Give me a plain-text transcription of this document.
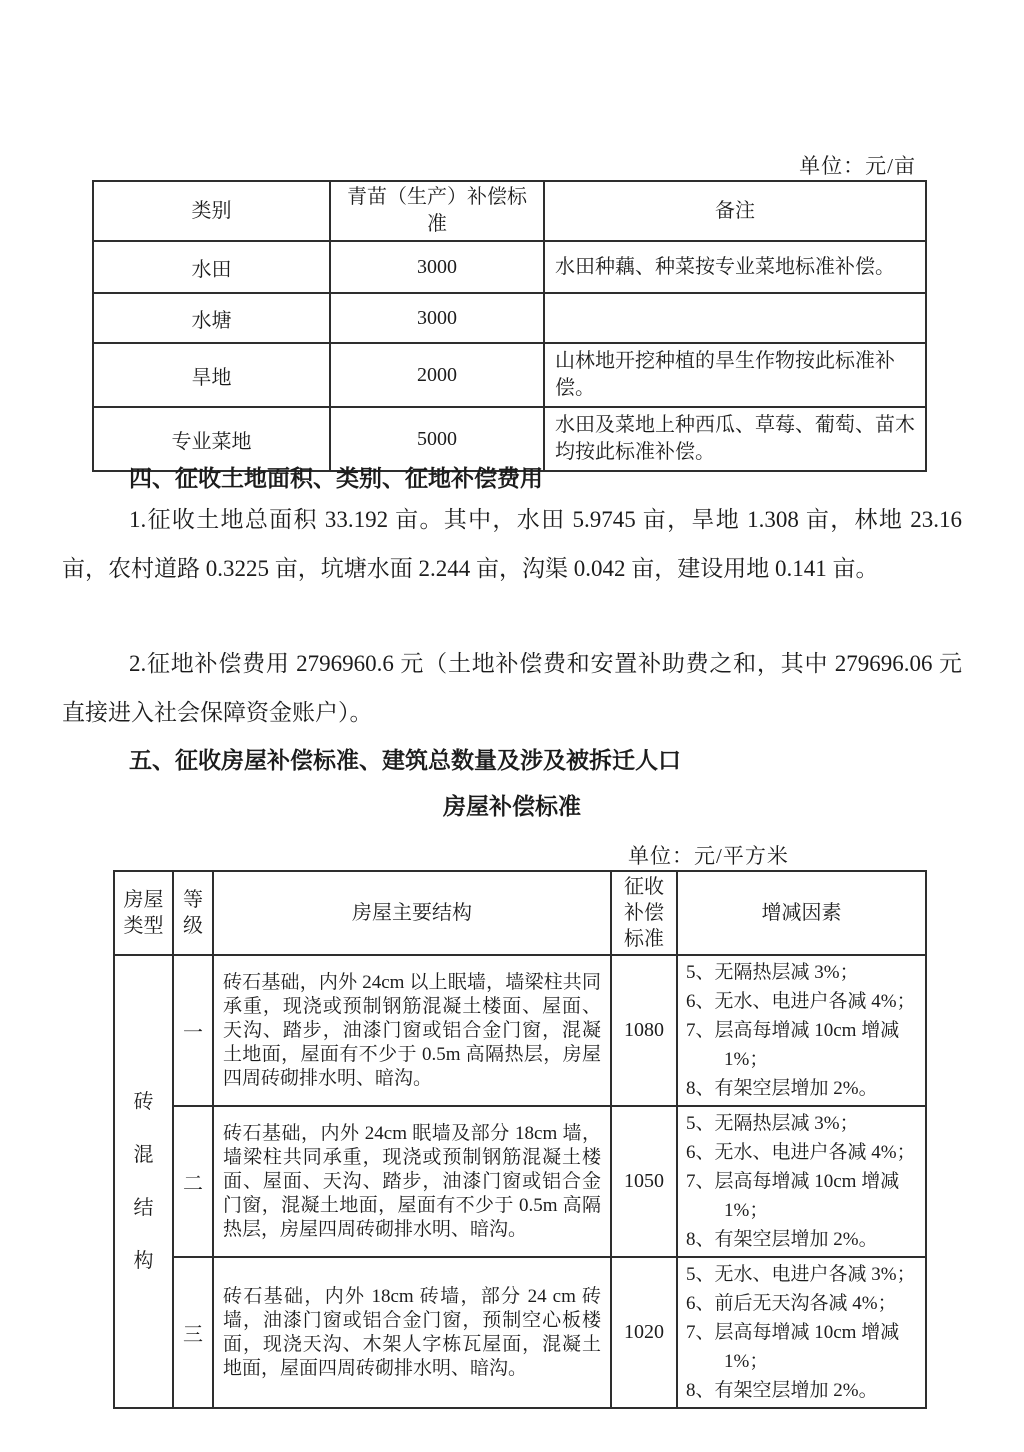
单位：元/亩
类别	青苗（生产）补偿标准	备注
水田	3000	水田种藕、种菜按专业菜地标准补偿。
水塘	3000	
旱地	2000	山林地开挖种植的旱生作物按此标准补偿。
专业菜地	5000	水田及菜地上种西瓜、草莓、葡萄、苗木均按此标准补偿。
四、征收土地面积、类别、征地补偿费用
1.征收土地总面积 33.192 亩。其中，水田 5.9745 亩，旱地 1.308 亩，林地 23.16 亩，农村道路 0.3225 亩，坑塘水面 2.244 亩，沟渠 0.042 亩，建设用地 0.141 亩。
2.征地补偿费用 2796960.6 元（土地补偿费和安置补助费之和，其中 279696.06 元直接进入社会保障资金账户）。
五、征收房屋补偿标准、建筑总数量及涉及被拆迁人口
房屋补偿标准
单位：元/平方米
房屋类型	等级	房屋主要结构	征收补偿标准	增减因素

砖混结构	一	砖石基础，内外 24cm 以上眠墙，墙梁柱共同承重，现浇或预制钢筋混凝土楼面、屋面、天沟、踏步，油漆门窗或铝合金门窗，混凝土地面，屋面有不少于 0.5m 高隔热层，房屋四周砖砌排水明、暗沟。	1080	5、无隔热层减 3%；
6、无水、电进户各减 4%；
7、层高每增减 10cm 增减 1%；
8、有架空层增加 2%。

	二	砖石基础，内外 24cm 眠墙及部分 18cm 墙，墙梁柱共同承重，现浇或预制钢筋混凝土楼面、屋面、天沟、踏步，油漆门窗或铝合金门窗，混凝土地面，屋面有不少于 0.5m 高隔热层，房屋四周砖砌排水明、暗沟。	1050	5、无隔热层减 3%；
6、无水、电进户各减 4%；
7、层高每增减 10cm 增减 1%；
8、有架空层增加 2%。

	三	砖石基础，内外 18cm 砖墙，部分 24 cm 砖墙，油漆门窗或铝合金门窗，预制空心板楼面，现浇天沟、木架人字栋瓦屋面，混凝土地面，屋面四周砖砌排水明、暗沟。	1020	5、无水、电进户各减 3%；
6、前后无天沟各减 4%；
7、层高每增减 10cm 增减 1%；
8、有架空层增加 2%。
